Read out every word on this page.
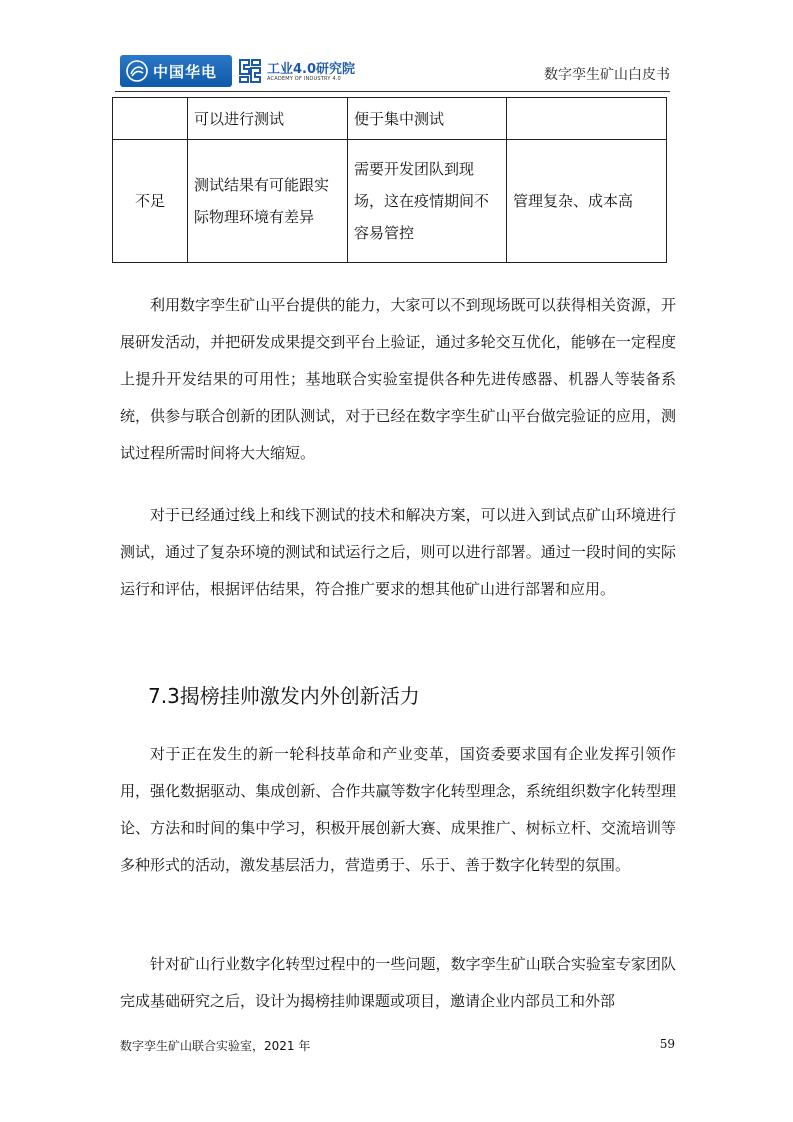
中国华电	工业4.0研究院
ACADEMY OF INDUSTRY 4.0	数字孪生矿山白皮书
	可以进行测试	便于集中测试	
不足	测试结果有可能跟实际物理环境有差异	需要开发团队到现场，这在疫情期间不容易管控	管理复杂、成本高

利用数字孪生矿山平台提供的能力，大家可以不到现场既可以获得相关资源，开展研发活动，并把研发成果提交到平台上验证，通过多轮交互优化，能够在一定程度上提升开发结果的可用性；基地联合实验室提供各种先进传感器、机器人等装备系统，供参与联合创新的团队测试，对于已经在数字孪生矿山平台做完验证的应用，测试过程所需时间将大大缩短。

对于已经通过线上和线下测试的技术和解决方案，可以进入到试点矿山环境进行测试，通过了复杂环境的测试和试运行之后，则可以进行部署。通过一段时间的实际运行和评估，根据评估结果，符合推广要求的想其他矿山进行部署和应用。

7.3揭榜挂帅激发内外创新活力

对于正在发生的新一轮科技革命和产业变革，国资委要求国有企业发挥引领作用，强化数据驱动、集成创新、合作共赢等数字化转型理念，系统组织数字化转型理论、方法和时间的集中学习，积极开展创新大赛、成果推广、树标立杆、交流培训等多种形式的活动，激发基层活力，营造勇于、乐于、善于数字化转型的氛围。

针对矿山行业数字化转型过程中的一些问题，数字孪生矿山联合实验室专家团队完成基础研究之后，设计为揭榜挂帅课题或项目，邀请企业内部员工和外部

数字孪生矿山联合实验室，2021 年	59
